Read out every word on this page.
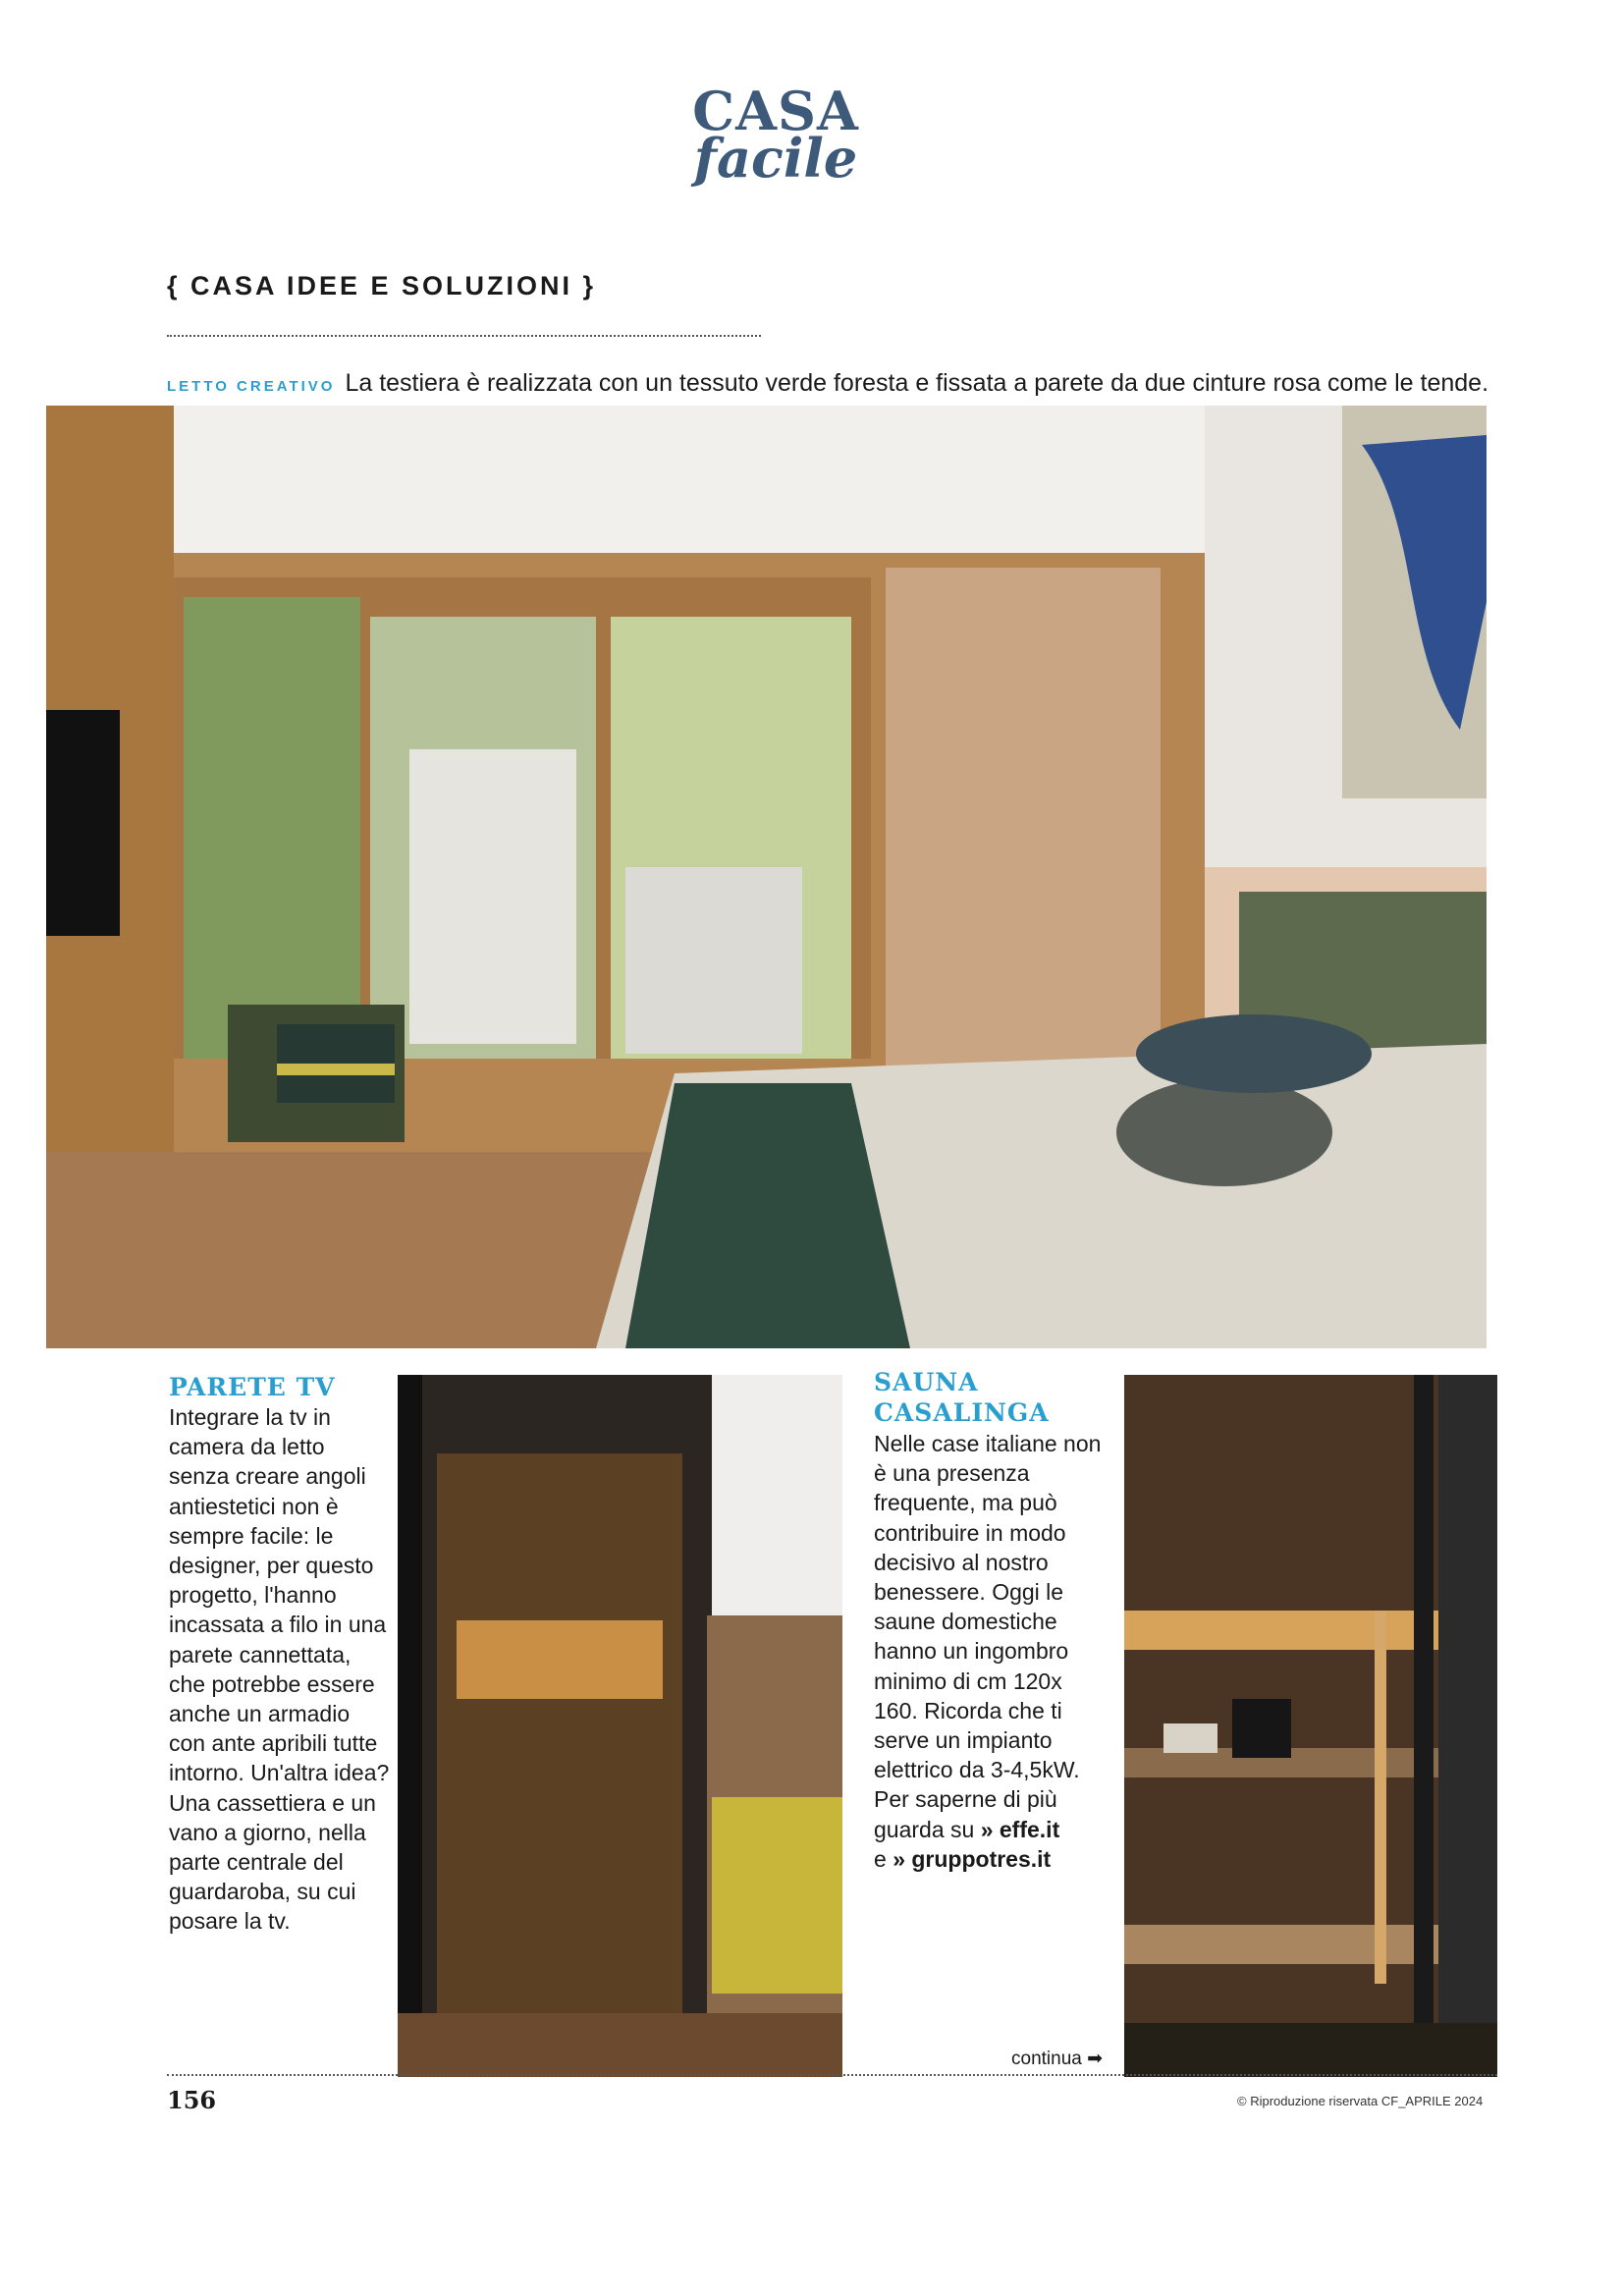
CASA
facile
{ CASA IDEE E SOLUZIONI }
LETTO CREATIVO La testiera è realizzata con un tessuto verde foresta e fissata a parete da due cinture rosa come le tende.
PARETE TV
Integrare la tv in camera da letto senza creare angoli antiestetici non è sempre facile: le designer, per questo progetto, l'hanno incassata a filo in una parete cannettata, che potrebbe essere anche un armadio con ante apribili tutte intorno. Un'altra idea? Una cassettiera e un vano a giorno, nella parte centrale del guardaroba, su cui posare la tv.
SAUNA CASALINGA
Nelle case italiane non è una presenza frequente, ma può contribuire in modo decisivo al nostro benessere. Oggi le saune domestiche hanno un ingombro minimo di cm 120x 160. Ricorda che ti serve un impianto elettrico da 3-4,5kW. Per saperne di più guarda su » effe.it
e » gruppotres.it
continua ➡
156	© Riproduzione riservata CF_APRILE 2024
